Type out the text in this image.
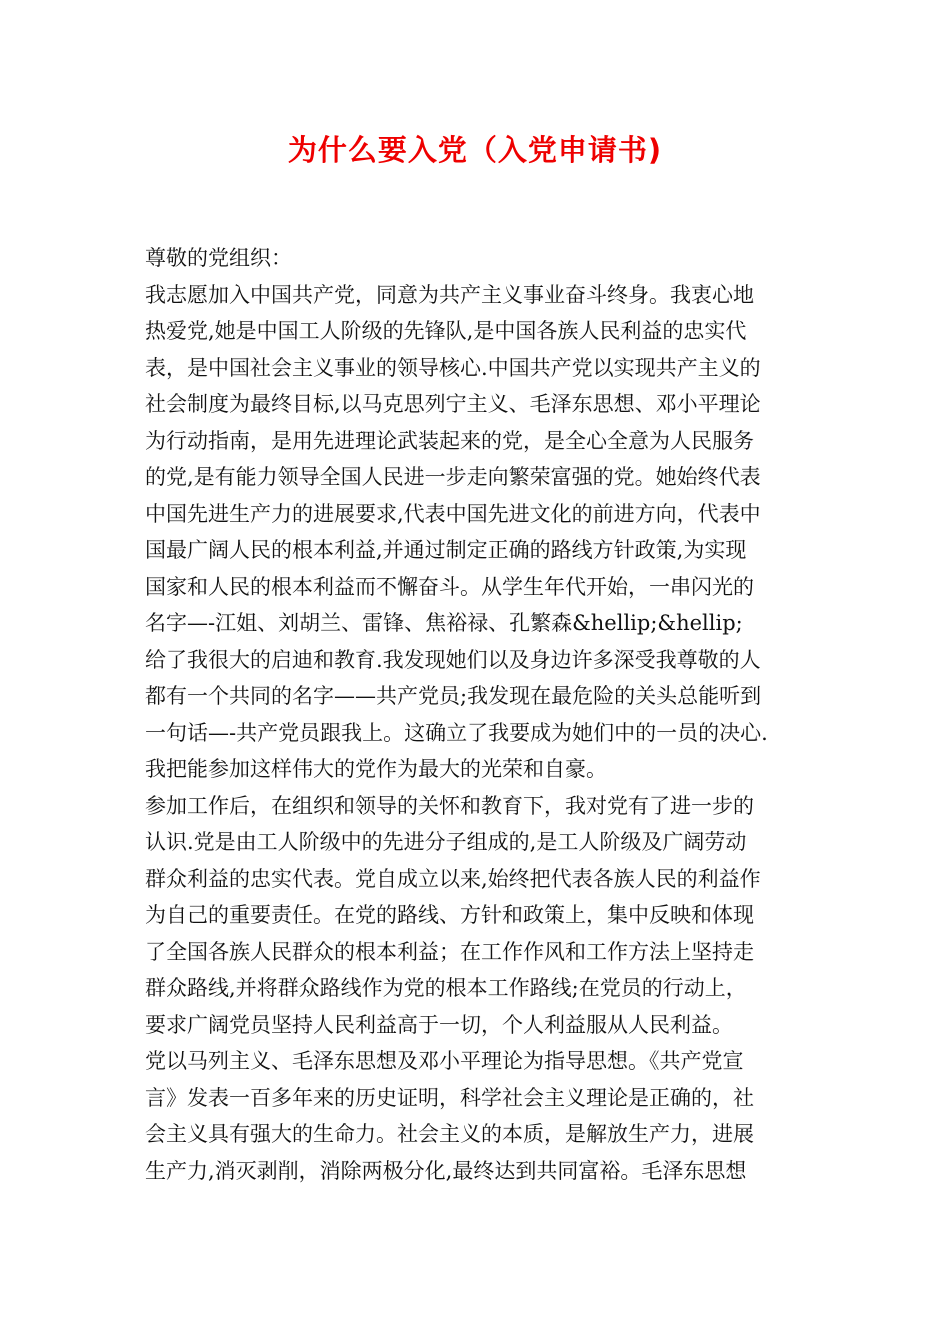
为什么要入党（入党申请书)
尊敬的党组织：
我志愿加入中国共产党，同意为共产主义事业奋斗终身。我衷心地
热爱党,她是中国工人阶级的先锋队,是中国各族人民利益的忠实代
表，是中国社会主义事业的领导核心.中国共产党以实现共产主义的
社会制度为最终目标,以马克思列宁主义、毛泽东思想、邓小平理论
为行动指南，是用先进理论武装起来的党，是全心全意为人民服务
的党,是有能力领导全国人民进一步走向繁荣富强的党。她始终代表
中国先进生产力的进展要求,代表中国先进文化的前进方向，代表中
国最广阔人民的根本利益,并通过制定正确的路线方针政策,为实现
国家和人民的根本利益而不懈奋斗。从学生年代开始，一串闪光的
名字—-江姐、刘胡兰、雷锋、焦裕禄、孔繁森&hellip;&hellip;
给了我很大的启迪和教育.我发现她们以及身边许多深受我尊敬的人
都有一个共同的名字——共产党员;我发现在最危险的关头总能听到
一句话—-共产党员跟我上。这确立了我要成为她们中的一员的决心.
我把能参加这样伟大的党作为最大的光荣和自豪。
参加工作后，在组织和领导的关怀和教育下，我对党有了进一步的
认识.党是由工人阶级中的先进分子组成的,是工人阶级及广阔劳动
群众利益的忠实代表。党自成立以来,始终把代表各族人民的利益作
为自己的重要责任。在党的路线、方针和政策上，集中反映和体现
了全国各族人民群众的根本利益；在工作作风和工作方法上坚持走
群众路线,并将群众路线作为党的根本工作路线;在党员的行动上，
要求广阔党员坚持人民利益高于一切，个人利益服从人民利益。
党以马列主义、毛泽东思想及邓小平理论为指导思想。《共产党宣
言》发表一百多年来的历史证明，科学社会主义理论是正确的，社
会主义具有强大的生命力。社会主义的本质，是解放生产力，进展
生产力,消灭剥削，消除两极分化,最终达到共同富裕。毛泽东思想
